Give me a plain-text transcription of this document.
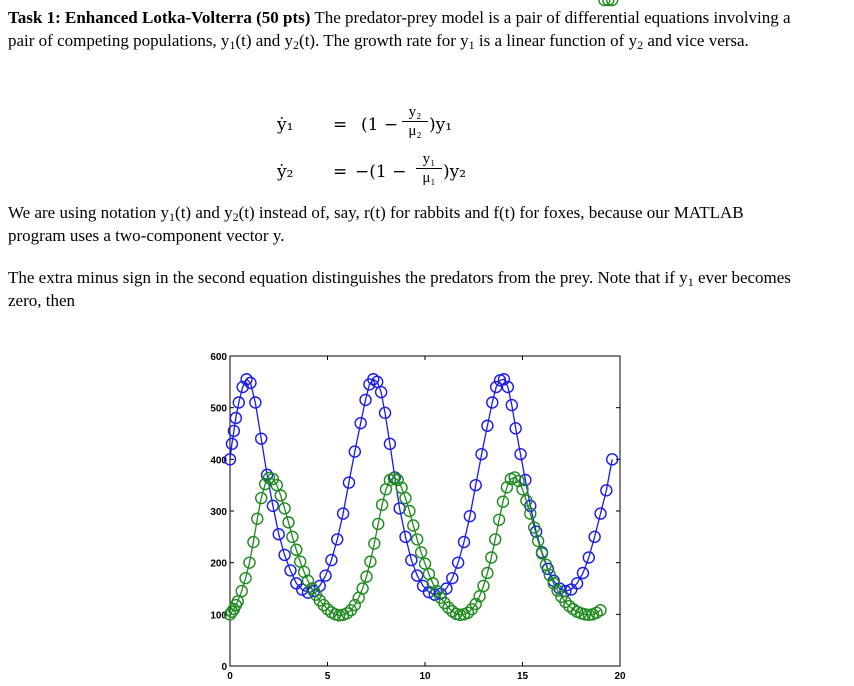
Task 1: Enhanced Lotka-Volterra (50 pts) The predator-prey model is a pair of differential equations involving a pair of competing populations, $y_1(t)$ and $y_2(t)$. The growth rate for $y_1$ is a linear function of $y_2$ and vice versa.

ẏ₁ = $(1 - \frac{\text{y₂}}{\text{μ₂}} )y_1$
ẏ₂ = $-(1 - \frac{\text{y₁}}{\text{μ₁}} )y_2$

We are using notation $y_1(t)$ and $y_2(t)$ instead of, say, r(t) for rabbits and f(t) for foxes, because our MATLAB program uses a two-component vector y.

The extra minus sign in the second equation distinguishes the predators from the prey. Note that if $y_1$ ever becomes zero, then

0	5	10	15	20
0
100
200
300
400
500
600
